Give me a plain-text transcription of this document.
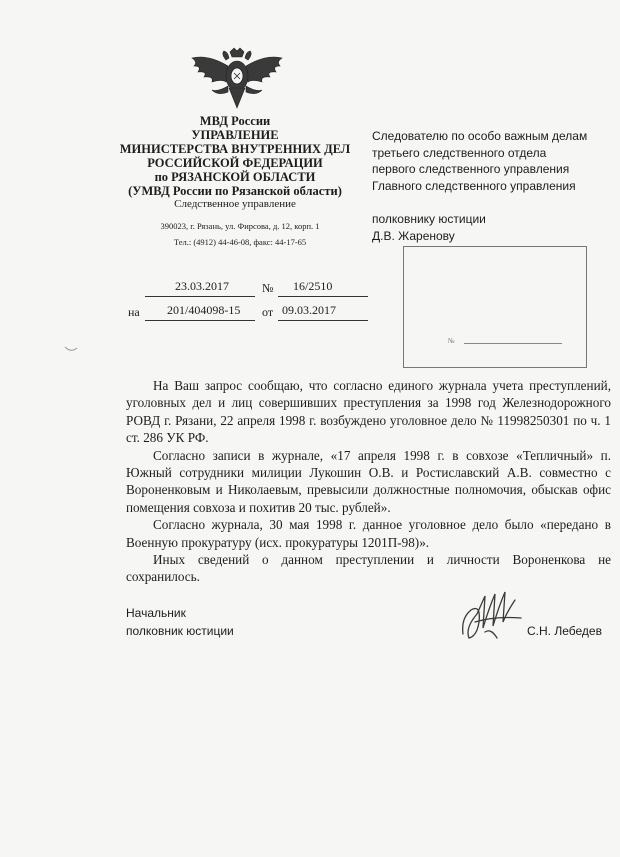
МВД России
УПРАВЛЕНИЕ
МИНИСТЕРСТВА ВНУТРЕННИХ ДЕЛ
РОССИЙСКОЙ ФЕДЕРАЦИИ
по РЯЗАНСКОЙ ОБЛАСТИ
(УМВД России по Рязанской области)
Следственное управление
390023, г. Рязань, ул. Фирсова, д. 12, корп. 1
Тел.: (4912) 44-46-08, факс: 44-17-65
Следователю по особо важным делам
третьего следственного отдела
первого следственного управления
Главного следственного управления
полковнику юстиции
Д.В. Жаренову
№

23.03.2017	№ 16/2510
на 201/404098-15 от 09.03.2017

На Ваш запрос сообщаю, что согласно единого журнала учета преступлений, уголовных дел и лиц совершивших преступления за 1998 год Железнодорожного РОВД г. Рязани, 22 апреля 1998 г. возбуждено уголовное дело № 11998250301 по ч. 1 ст. 286 УК РФ.

Согласно записи в журнале, «17 апреля 1998 г. в совхозе «Тепличный» п. Южный сотрудники милиции Лукошин О.В. и Ростиславский А.В. совместно с Вороненковым и Николаевым, превысили должностные полномочия, обыскав офис помещения совхоза и похитив 20 тыс. рублей».

Согласно журнала, 30 мая 1998 г. данное уголовное дело было «передано в Военную прокуратуру (исх. прокуратуры 1201П-98)».

Иных сведений о данном преступлении и личности Вороненкова не сохранилось.

Начальник
полковник юстиции	С.Н. Лебедев
